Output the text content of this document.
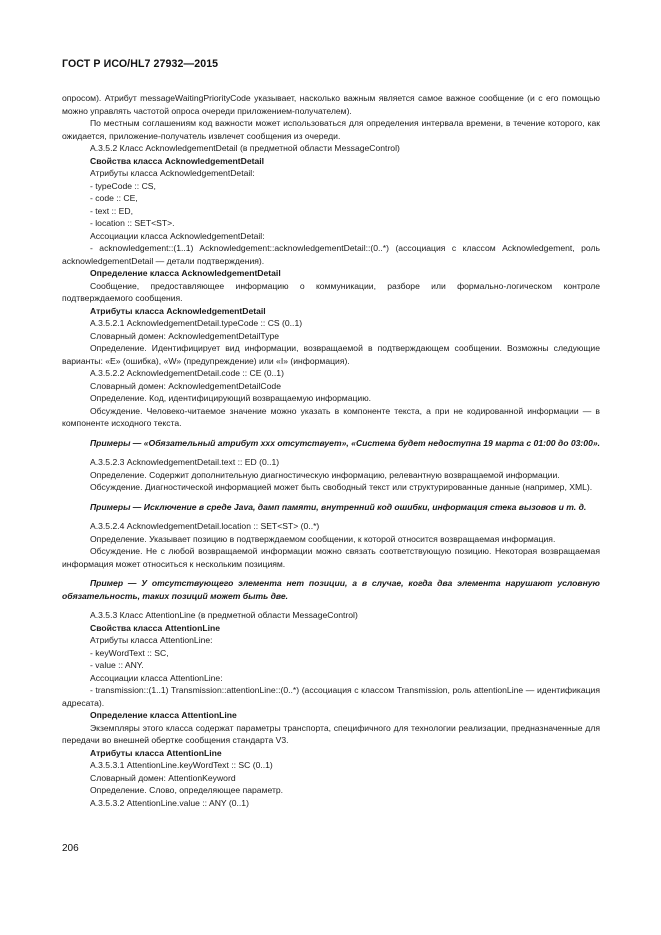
ГОСТ Р ИСО/HL7 27932—2015

опросом). Атрибут messageWaitingPriorityCode указывает, насколько важным является самое важное сообщение (и с его помощью можно управлять частотой опроса очереди приложением-получателем).

По местным соглашениям код важности может использоваться для определения интервала времени, в течение которого, как ожидается, приложение-получатель извлечет сообщения из очереди.

А.3.5.2 Класс AcknowledgementDetail (в предметной области MessageControl)

Свойства класса AcknowledgementDetail

Атрибуты класса AcknowledgementDetail:

- typeCode :: CS,

- code :: CE,

- text :: ED,

- location :: SET<ST>.

Ассоциации класса AcknowledgementDetail:

- acknowledgement::(1..1) Acknowledgement::acknowledgementDetail::(0..*) (ассоциация с классом Acknowledgement, роль acknowledgementDetail — детали подтверждения).

Определение класса AcknowledgementDetail

Сообщение, предоставляющее информацию о коммуникации, разборе или формально-логическом контроле подтверждаемого сообщения.

Атрибуты класса AcknowledgementDetail

А.3.5.2.1 AcknowledgementDetail.typeCode :: CS (0..1)

Словарный домен: AcknowledgementDetailType

Определение. Идентифицирует вид информации, возвращаемой в подтверждающем сообщении. Возможны следующие варианты: «E» (ошибка), «W» (предупреждение) или «I» (информация).

А.3.5.2.2 AcknowledgementDetail.code :: CE (0..1)

Словарный домен: AcknowledgementDetailCode

Определение. Код, идентифицирующий возвращаемую информацию.

Обсуждение. Человеко-читаемое значение можно указать в компоненте текста, а при не кодированной информации — в компоненте исходного текста.

Примеры — «Обязательный атрибут xxx отсутствует», «Система будет недоступна 19 марта с 01:00 до 03:00».

А.3.5.2.3 AcknowledgementDetail.text :: ED (0..1)

Определение. Содержит дополнительную диагностическую информацию, релевантную возвращаемой информации.

Обсуждение. Диагностической информацией может быть свободный текст или структурированные данные (например, XML).

Примеры — Исключение в среде Java, дамп памяти, внутренний код ошибки, информация стека вызовов и т. д.

А.3.5.2.4 AcknowledgementDetail.location :: SET<ST> (0..*)

Определение. Указывает позицию в подтверждаемом сообщении, к которой относится возвращаемая информация.

Обсуждение. Не с любой возвращаемой информации можно связать соответствующую позицию. Некоторая возвращаемая информация может относиться к нескольким позициям.

Пример — У отсутствующего элемента нет позиции, а в случае, когда два элемента нарушают условную обязательность, таких позиций может быть две.

А.3.5.3 Класс AttentionLine (в предметной области MessageControl)

Свойства класса AttentionLine

Атрибуты класса AttentionLine:

- keyWordText :: SC,

- value :: ANY.

Ассоциации класса AttentionLine:

- transmission::(1..1) Transmission::attentionLine::(0..*) (ассоциация с классом Transmission, роль attentionLine — идентификация адресата).

Определение класса AttentionLine

Экземпляры этого класса содержат параметры транспорта, специфичного для технологии реализации, предназначенные для передачи во внешней обертке сообщения стандарта V3.

Атрибуты класса AttentionLine

А.3.5.3.1 AttentionLine.keyWordText :: SC (0..1)

Словарный домен: AttentionKeyword

Определение. Слово, определяющее параметр.

А.3.5.3.2 AttentionLine.value :: ANY (0..1)

206
